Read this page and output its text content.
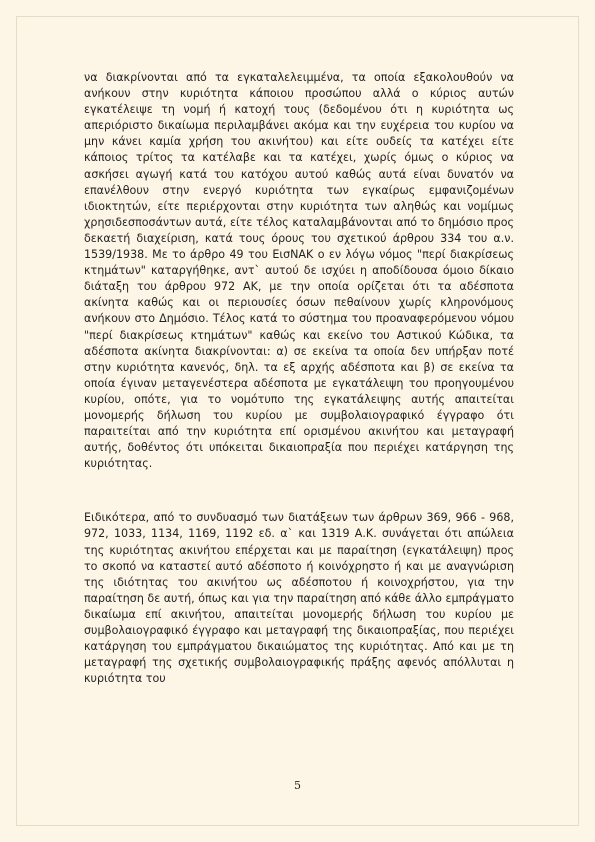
να διακρίνονται από τα εγκαταλελειμμένα, τα οποία εξακολουθούν να ανήκουν στην κυριότητα κάποιου προσώπου αλλά ο κύριος αυτών εγκατέλειψε τη νομή ή κατοχή τους (δεδομένου ότι η κυριότητα ως απεριόριστο δικαίωμα περιλαμβάνει ακόμα και την ευχέρεια του κυρίου να μην κάνει καμία χρήση του ακινήτου) και είτε ουδείς τα κατέχει είτε κάποιος τρίτος τα κατέλαβε και τα κατέχει, χωρίς όμως ο κύριος να ασκήσει αγωγή κατά του κατόχου αυτού καθώς αυτά είναι δυνατόν να επανέλθουν στην ενεργό κυριότητα των εγκαίρως εμφανιζομένων ιδιοκτητών, είτε περιέρχονται στην κυριότητα των αληθώς και νομίμως χρησιδεσποσάντων αυτά, είτε τέλος καταλαμβάνονται από το δημόσιο προς δεκαετή διαχείριση, κατά τους όρους του σχετικού άρθρου 334 του α.ν. 1539/1938. Με το άρθρο 49 του ΕισΝΑΚ ο εν λόγω νόμος "περί διακρίσεως κτημάτων" καταργήθηκε, αντ` αυτού δε ισχύει η αποδίδουσα όμοιο δίκαιο διάταξη του άρθρου 972 ΑΚ, με την οποία ορίζεται ότι τα αδέσποτα ακίνητα καθώς και οι περιουσίες όσων πεθαίνουν χωρίς κληρονόμους ανήκουν στο Δημόσιο. Τέλος κατά το σύστημα του προαναφερόμενου νόμου "περί διακρίσεως κτημάτων" καθώς και εκείνο του Αστικού Κώδικα, τα αδέσποτα ακίνητα διακρίνονται: α) σε εκείνα τα οποία δεν υπήρξαν ποτέ στην κυριότητα κανενός, δηλ. τα εξ αρχής αδέσποτα και β) σε εκείνα τα οποία έγιναν μεταγενέστερα αδέσποτα με εγκατάλειψη του προηγουμένου κυρίου, οπότε, για το νομότυπο της εγκατάλειψης αυτής απαιτείται μονομερής δήλωση του κυρίου με συμβολαιογραφικό έγγραφο ότι παραιτείται από την κυριότητα επί ορισμένου ακινήτου και μεταγραφή αυτής, δοθέντος ότι υπόκειται δικαιοπραξία που περιέχει κατάργηση της κυριότητας.

Ειδικότερα, από το συνδυασμό των διατάξεων των άρθρων 369, 966 - 968, 972, 1033, 1134, 1169, 1192 εδ. α` και 1319 Α.Κ. συνάγεται ότι απώλεια της κυριότητας ακινήτου επέρχεται και με παραίτηση (εγκατάλειψη) προς το σκοπό να καταστεί αυτό αδέσποτο ή κοινόχρηστο ή και με αναγνώριση της ιδιότητας του ακινήτου ως αδέσποτου ή κοινοχρήστου, για την παραίτηση δε αυτή, όπως και για την παραίτηση από κάθε άλλο εμπράγματο δικαίωμα επί ακινήτου, απαιτείται μονομερής δήλωση του κυρίου με συμβολαιογραφικό έγγραφο και μεταγραφή της δικαιοπραξίας, που περιέχει κατάργηση του εμπράγματου δικαιώματος της κυριότητας. Από και με τη μεταγραφή της σχετικής συμβολαιογραφικής πράξης αφενός απόλλυται η κυριότητα του

5
